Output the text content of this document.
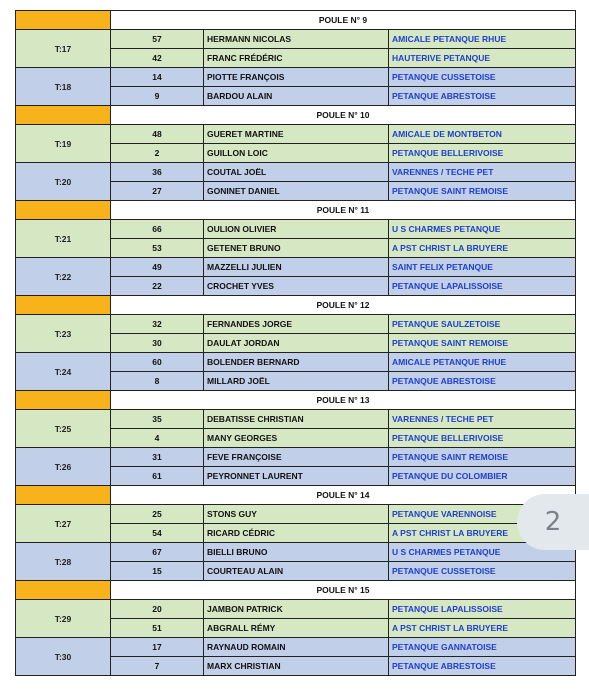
	POULE N° 9		
T:17	57	HERMANN NICOLAS	AMICALE PETANQUE RHUE
	42	FRANC FRÉDÉRIC	HAUTERIVE PETANQUE
T:18	14	PIOTTE FRANÇOIS	PETANQUE CUSSETOISE
	9	BARDOU ALAIN	PETANQUE ABRESTOISE
	POULE N° 10		
T:19	48	GUERET MARTINE	AMICALE DE MONTBETON
	2	GUILLON LOIC	PETANQUE BELLERIVOISE
T:20	36	COUTAL JOËL	VARENNES / TECHE PET
	27	GONINET DANIEL	PETANQUE SAINT REMOISE
	POULE N° 11		
T:21	66	OULION OLIVIER	U S CHARMES PETANQUE
	53	GETENET BRUNO	A PST CHRIST LA BRUYERE
T:22	49	MAZZELLI JULIEN	SAINT FELIX PETANQUE
	22	CROCHET YVES	PETANQUE LAPALISSOISE
	POULE N° 12		
T:23	32	FERNANDES JORGE	PETANQUE SAULZETOISE
	30	DAULAT JORDAN	PETANQUE SAINT REMOISE
T:24	60	BOLENDER BERNARD	AMICALE PETANQUE RHUE
	8	MILLARD JOËL	PETANQUE ABRESTOISE
	POULE N° 13		
T:25	35	DEBATISSE CHRISTIAN	VARENNES / TECHE PET
	4	MANY GEORGES	PETANQUE BELLERIVOISE
T:26	31	FEVE FRANÇOISE	PETANQUE SAINT REMOISE
	61	PEYRONNET LAURENT	PETANQUE DU COLOMBIER
	POULE N° 14		
T:27	25	STONS GUY	PETANQUE VARENNOISE
	54	RICARD CÉDRIC	A PST CHRIST LA BRUYERE
T:28	67	BIELLI BRUNO	U S CHARMES PETANQUE
	15	COURTEAU ALAIN	PETANQUE CUSSETOISE
	POULE N° 15		
T:29	20	JAMBON PATRICK	PETANQUE LAPALISSOISE
	51	ABGRALL RÉMY	A PST CHRIST LA BRUYERE
T:30	17	RAYNAUD ROMAIN	PETANQUE GANNATOISE
	7	MARX CHRISTIAN	PETANQUE ABRESTOISE
2
